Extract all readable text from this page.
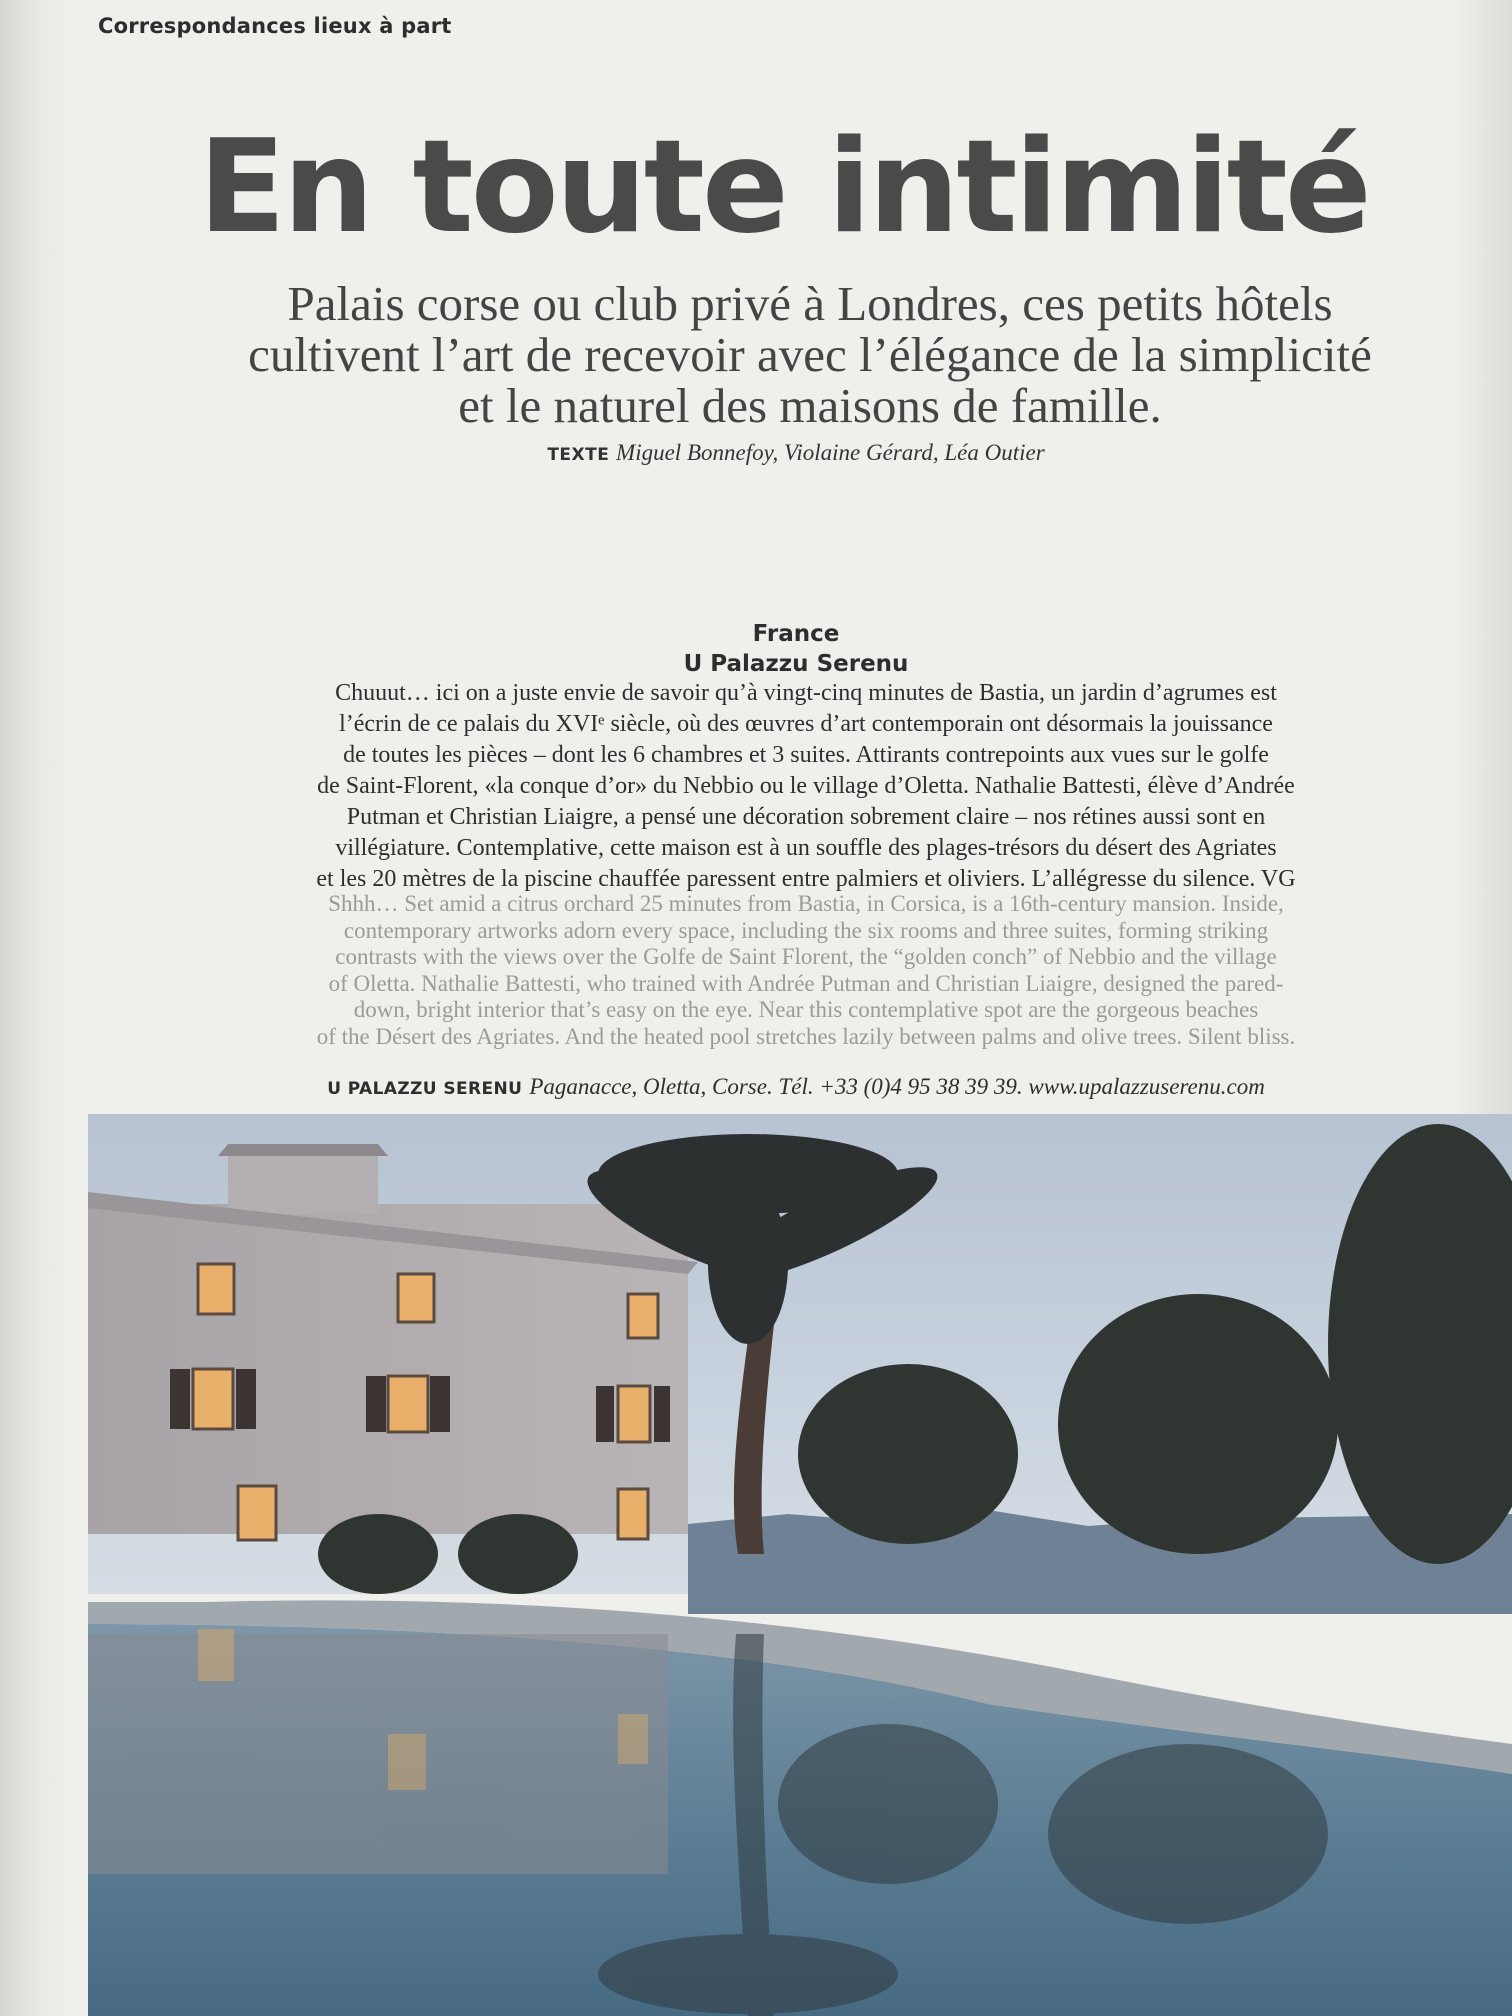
Correspondances lieux à part
En toute intimité
Palais corse ou club privé à Londres, ces petits hôtels
cultivent l’art de recevoir avec l’élégance de la simplicité
et le naturel des maisons de famille.
TEXTE Miguel Bonnefoy, Violaine Gérard, Léa Outier
France
U Palazzu Serenu
Chuuut… ici on a juste envie de savoir qu’à vingt-cinq minutes de Bastia, un jardin d’agrumes est
l’écrin de ce palais du XVIᵉ siècle, où des œuvres d’art contemporain ont désormais la jouissance
de toutes les pièces – dont les 6 chambres et 3 suites. Attirants contrepoints aux vues sur le golfe
de Saint-Florent, «la conque d’or» du Nebbio ou le village d’Oletta. Nathalie Battesti, élève d’Andrée
Putman et Christian Liaigre, a pensé une décoration sobrement claire – nos rétines aussi sont en
villégiature. Contemplative, cette maison est à un souffle des plages-trésors du désert des Agriates
et les 20 mètres de la piscine chauffée paressent entre palmiers et oliviers. L’allégresse du silence. VG
Shhh… Set amid a citrus orchard 25 minutes from Bastia, in Corsica, is a 16th-century mansion. Inside,
contemporary artworks adorn every space, including the six rooms and three suites, forming striking
contrasts with the views over the Golfe de Saint Florent, the “golden conch” of Nebbio and the village
of Oletta. Nathalie Battesti, who trained with Andrée Putman and Christian Liaigre, designed the pared-
down, bright interior that’s easy on the eye. Near this contemplative spot are the gorgeous beaches
of the Désert des Agriates. And the heated pool stretches lazily between palms and olive trees. Silent bliss.
U PALAZZU SERENU Paganacce, Oletta, Corse. Tél. +33 (0)4 95 38 39 39. www.upalazzuserenu.com
